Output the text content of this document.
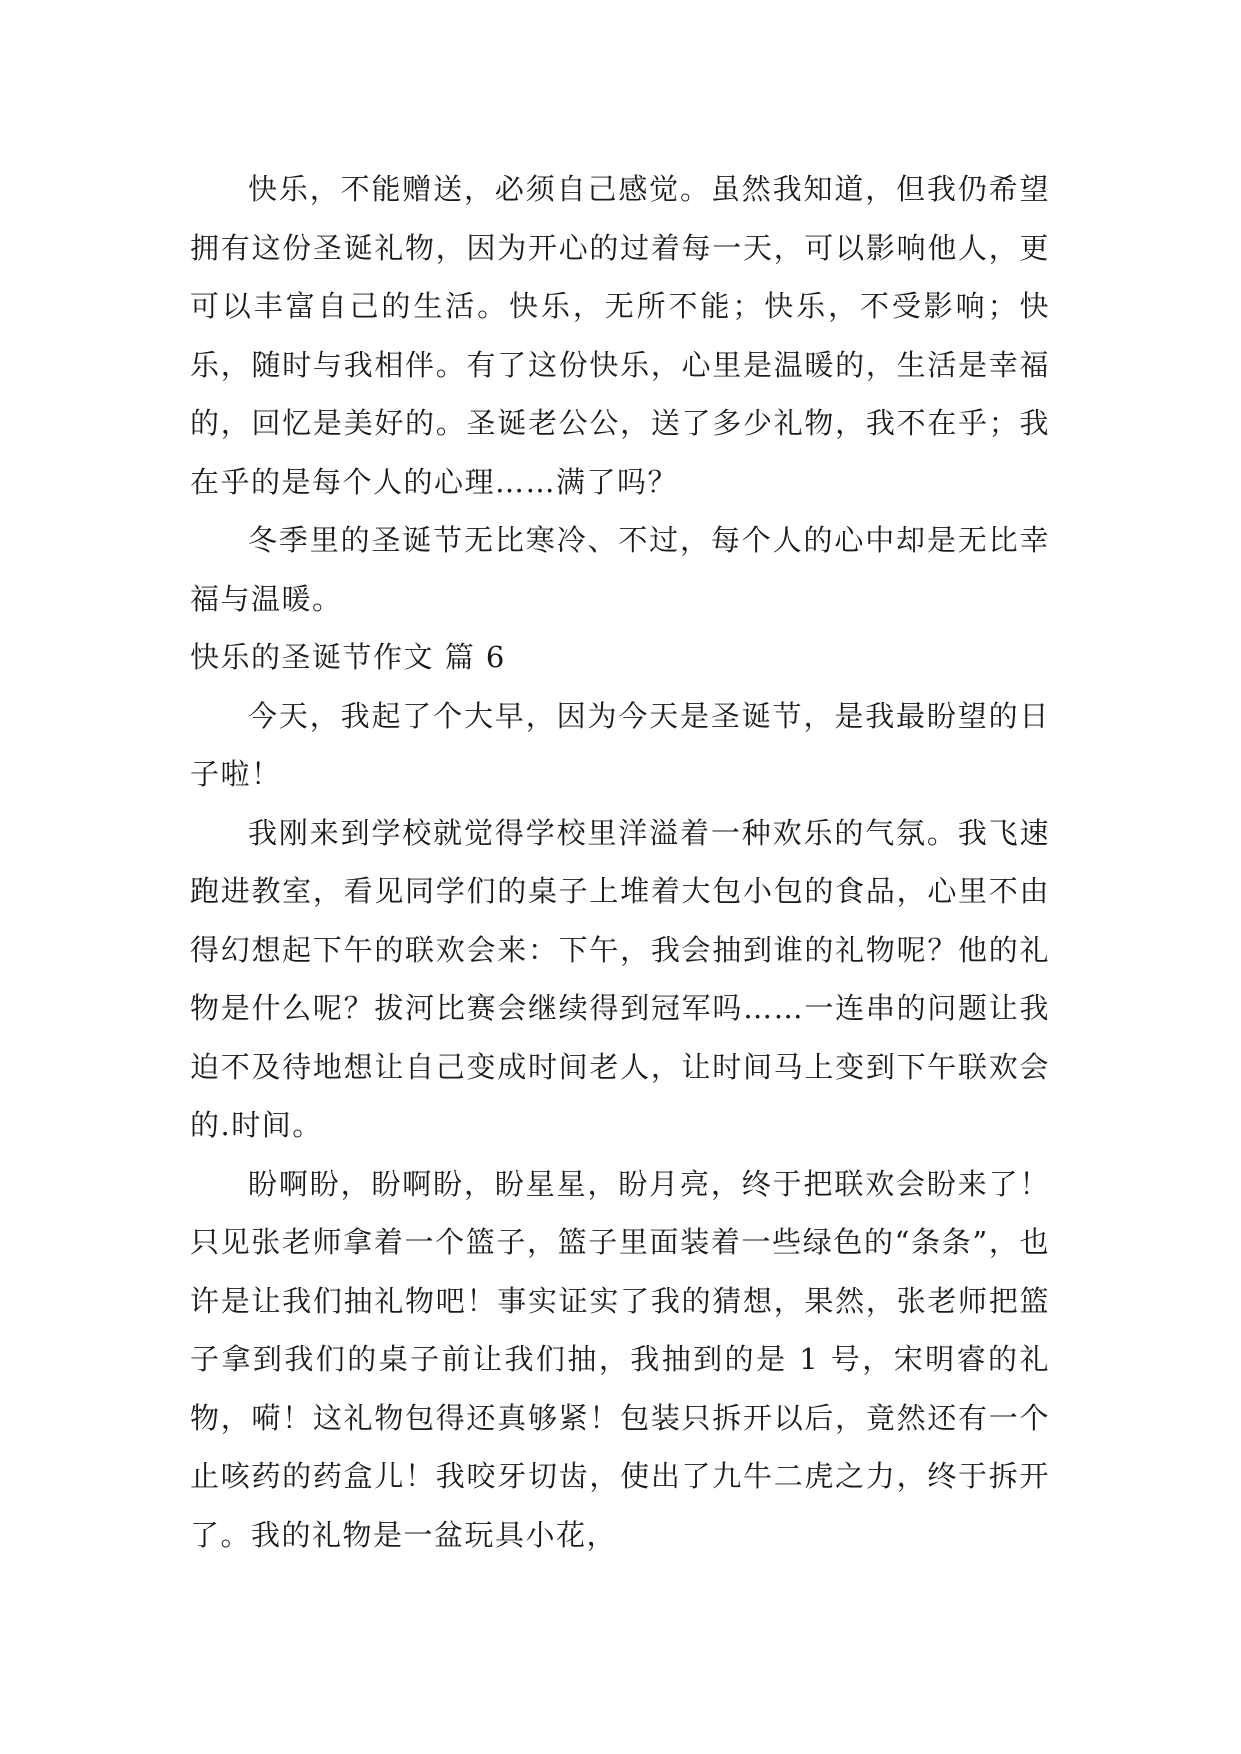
快乐，不能赠送，必须自己感觉。虽然我知道，但我仍希望拥有这份圣诞礼物，因为开心的过着每一天，可以影响他人，更可以丰富自己的生活。快乐，无所不能；快乐，不受影响；快乐，随时与我相伴。有了这份快乐，心里是温暖的，生活是幸福的，回忆是美好的。圣诞老公公，送了多少礼物，我不在乎；我在乎的是每个人的心理……满了吗？

冬季里的圣诞节无比寒冷、不过，每个人的心中却是无比幸福与温暖。

快乐的圣诞节作文 篇 6

今天，我起了个大早，因为今天是圣诞节，是我最盼望的日子啦！

我刚来到学校就觉得学校里洋溢着一种欢乐的气氛。我飞速跑进教室，看见同学们的桌子上堆着大包小包的食品，心里不由得幻想起下午的联欢会来：下午，我会抽到谁的礼物呢？他的礼物是什么呢？拔河比赛会继续得到冠军吗……一连串的问题让我迫不及待地想让自己变成时间老人，让时间马上变到下午联欢会的.时间。

盼啊盼，盼啊盼，盼星星，盼月亮，终于把联欢会盼来了！只见张老师拿着一个篮子，篮子里面装着一些绿色的“条条”，也许是让我们抽礼物吧！事实证实了我的猜想，果然，张老师把篮子拿到我们的桌子前让我们抽，我抽到的是 1 号，宋明睿的礼物，嗬！这礼物包得还真够紧！包装只拆开以后，竟然还有一个止咳药的药盒儿！我咬牙切齿，使出了九牛二虎之力，终于拆开了。我的礼物是一盆玩具小花，
